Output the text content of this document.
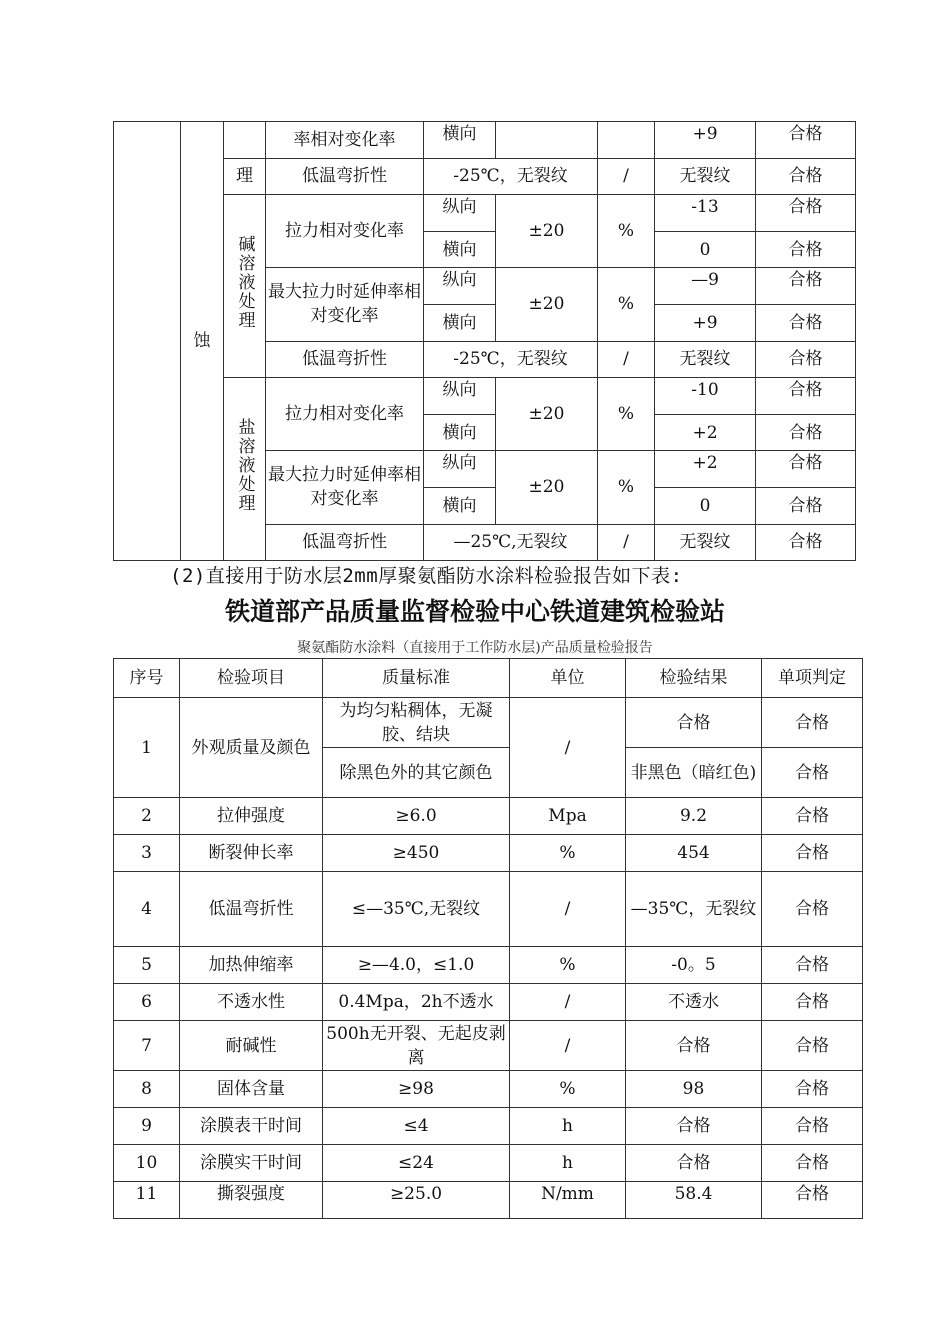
	蚀		率相对变化率	横向			+9	合格
		理	低温弯折性	-25℃，无裂纹		/	无裂纹	合格
		碱溶液处理	拉力相对变化率	纵向	±20	%	-13	合格
				横向			0	合格
			最大拉力时延伸率相对变化率	纵向	±20	%	—9	合格
				横向			+9	合格
			低温弯折性	-25℃，无裂纹		/	无裂纹	合格
		盐溶液处理	拉力相对变化率	纵向	±20	%	-10	合格
				横向			+2	合格
			最大拉力时延伸率相对变化率	纵向	±20	%	+2	合格
				横向			0	合格
			低温弯折性	—25℃,无裂纹		/	无裂纹	合格
(2)直接用于防水层2mm厚聚氨酯防水涂料检验报告如下表:
铁道部产品质量监督检验中心铁道建筑检验站
聚氨酯防水涂料（直接用于工作防水层)产品质量检验报告
序号	检验项目	质量标准	单位	检验结果	单项判定
1	外观质量及颜色	为均匀粘稠体，无凝胶、结块	/	合格	合格
		除黑色外的其它颜色		非黑色（暗红色)	合格
2	拉伸强度	≥6.0	Mpa	9.2	合格
3	断裂伸长率	≥450	%	454	合格
4	低温弯折性	≤—35℃,无裂纹	/	—35℃，无裂纹	合格
5	加热伸缩率	≥—4.0，≤1.0	%	-0。5	合格
6	不透水性	0.4Mpa，2h不透水	/	不透水	合格
7	耐碱性	500h无开裂、无起皮剥离	/	合格	合格
8	固体含量	≥98	%	98	合格
9	涂膜表干时间	≤4	h	合格	合格
10	涂膜实干时间	≤24	h	合格	合格
11	撕裂强度	≥25.0	N/mm	58.4	合格
